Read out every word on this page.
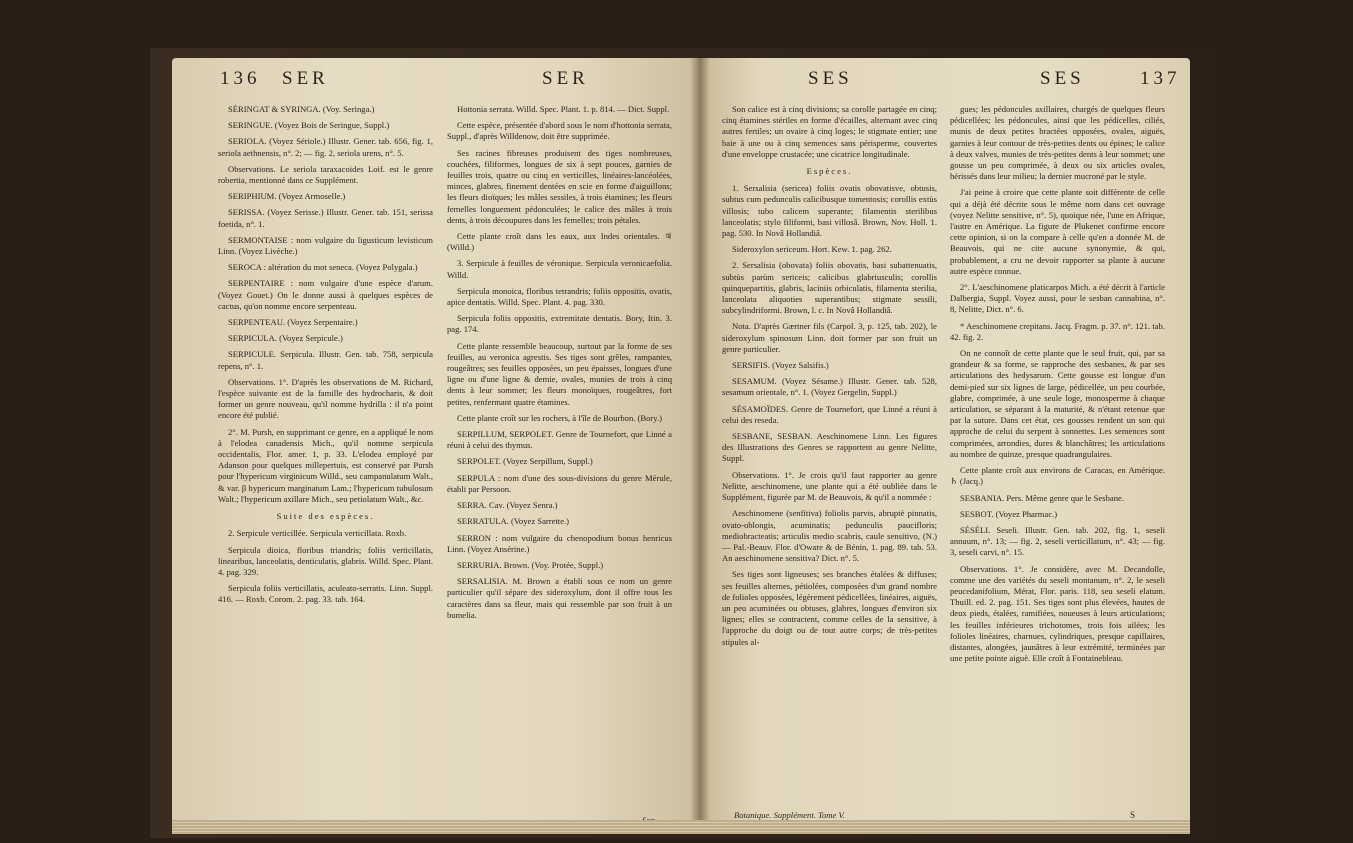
136 SER	SER

SÉRINGAT & SYRINGA. (Voy. Seringa.)

SERINGUE. (Voyez Bois de Seringue, Suppl.)

SERIOLA. (Voyez Sériole.) Illustr. Gener. tab. 656, fig. 1, seriola aethnensis, n°. 2; — fig. 2, seriola urens, n°. 5.

Observations. Le seriola taraxacoides Loif. est le genre robertia, mentionné dans ce Supplément.

SERIPHIUM. (Voyez Armoselle.)

SERISSA. (Voyez Serisse.) Illustr. Gener. tab. 151, serissa foetida, n°. 1.

SERMONTAISE : nom vulgaire du ligusticum levisticum Linn. (Voyez Livèche.)

SEROCA : altération du mot seneca. (Voyez Polygala.)

SERPENTAIRE : nom vulgaire d'une espèce d'arum. (Voyez Gouet.) On le donne aussi à quelques espèces de cactus, qu'on nomme encore serpenteau.

SERPENTEAU. (Voyez Serpentaire.)

SERPICULA. (Voyez Serpicule.)

SERPICULE. Serpicula. Illustr. Gen. tab. 758, serpicula repens, n°. 1.

Observations. 1°. D'après les observations de M. Richard, l'espèce suivante est de la famille des hydrocharis, & doit former un genre nouveau, qu'il nomme hydrilla : il n'a point encore été publié.

2°. M. Pursh, en supprimant ce genre, en a appliqué le nom à l'elodea canadensis Mich., qu'il nomme serpicula occidentalis, Flor. amer. 1, p. 33. L'elodea employé par Adanson pour quelques millepertuis, est conservé par Pursh pour l'hypericum virginicum Willd., seu campanulatum Walt., & var. β hypericum marginatum Lam.; l'hypericum tubulosum Walt.; l'hypericum axillare Mich., seu petiolatum Walt., &c.

Suite des espèces.

2. Serpicule verticillée. Serpicula verticillata. Roxb.

Serpicula dioica, floribus triandris; foliis verticillatis, linearibus, lanceolatis, denticulatis, glabris. Willd. Spec. Plant. 4. pag. 329.

Serpicula foliis verticillatis, aculeato-serratis. Linn. Suppl. 416. — Roxb. Corom. 2. pag. 33. tab. 164.

Hottonia serrata. Willd. Spec. Plant. 1. p. 814. — Dict. Suppl.

Cette espèce, présentée d'abord sous le nom d'hottonia serrata, Suppl., d'après Willdenow, doit être supprimée.

Ses racines fibreuses produisent des tiges nombreuses, couchées, filiformes, longues de six à sept pouces, garnies de feuilles trois, quatre ou cinq en verticilles, linéaires-lancéolées, minces, glabres, finement dentées en scie en forme d'aiguillons; les fleurs dioïques; les mâles sessiles, à trois étamines; les fleurs femelles longuement pédonculées; le calice des mâles à trois dents, à trois découpures dans les femelles; trois pétales.

Cette plante croît dans les eaux, aux Indes orientales. ♃ (Willd.)

3. Serpicule à feuilles de véronique. Serpicula veronicaefolia. Willd.

Serpicula monoica, floribus tetrandris; foliis oppositis, ovatis, apice dentatis. Willd. Spec. Plant. 4. pag. 330.

Serpicula foliis oppositis, extremitate dentatis. Bory, Itin. 3. pag. 174.

Cette plante ressemble beaucoup, surtout par la forme de ses feuilles, au veronica agrestis. Ses tiges sont grêles, rampantes, rougeâtres; ses feuilles opposées, un peu épaisses, longues d'une ligne ou d'une ligne & demie, ovales, munies de trois à cinq dents à leur sommet; les fleurs monoïques, rougeâtres, fort petites, renfermant quatre étamines.

Cette plante croît sur les rochers, à l'île de Bourbon. (Bory.)

SERPILLUM, SERPOLET. Genre de Tournefort, que Linné a réuni à celui des thymus.

SERPOLET. (Voyez Serpillum, Suppl.)

SERPULA : nom d'une des sous-divisions du genre Mérule, établi par Persoon.

SERRA. Cav. (Voyez Senra.)

SERRATULA. (Voyez Sarrette.)

SERRON : nom vulgaire du chenopodium bonus henricus Linn. (Voyez Ansérine.)

SERRURIA. Brown. (Voy. Protée, Suppl.)

SERSALISIA. M. Brown a établi sous ce nom un genre particulier qu'il sépare des sideroxylum, dont il offre tous les caractères dans sa fleur, mais qui ressemble par son fruit à un bumelia.

SES	SES	137

Son calice est à cinq divisions; sa corolle partagée en cinq; cinq étamines stériles en forme d'écailles, alternant avec cinq autres fertiles; un ovaire à cinq loges; le stigmate entier; une baie à une ou à cinq semences sans périsperme, couvertes d'une enveloppe crustacée; une cicatrice longitudinale.

Espèces.

1. Sersalisia (sericea) foliis ovatis obovatisve, obtusis, subtus cum pedunculis calicibusque tomentosis; corollis extùs villosis; tubo calicem superante; filamentis sterilibus lanceolatis; stylo filiformi, basi villosâ. Brown, Nov. Holl. 1. pag. 530. In Novâ Hollandiâ.

Sideroxylon sericeum. Hort. Kew. 1. pag. 262.

2. Sersalisia (obovata) foliis obovatis, basi subattenuatis, subtùs parùm sericeis; calicibus glabriusculis; corollis quinquepartitis, glabris, laciniis orbiculatis, filamenta sterilia, lanceolata aliquoties superantibus; stigmate sessili, subcylindriformi. Brown, l. c. In Novâ Hollandiâ.

Nota. D'après Gærtner fils (Carpol. 3, p. 125, tab. 202), le sideroxylum spinosum Linn. doit former par son fruit un genre particulier.

SERSIFIS. (Voyez Salsifis.)

SESAMUM. (Voyez Sésame.) Illustr. Gener. tab. 528, sesamum orientale, n°. 1. (Voyez Gergelin, Suppl.)

SÉSAMOÏDES. Genre de Tournefort, que Linné a réuni à celui des reseda.

SESBANE, SESBAN. Aeschinomene Linn. Les figures des Illustrations des Genres se rapportent au genre Nelitte, Suppl.

Observations. 1°. Je crois qu'il faut rapporter au genre Nelitte, aeschinomene, une plante qui a été oubliée dans le Supplément, figurée par M. de Beauvois, & qu'il a nommée :

Aeschinomene (senfitiva) foliolis parvis, abruptè pinnatis, ovato-oblongis, acuminatis; pedunculis paucifloris; mediobracteatis; articulis medio scabris, caule sensitivo, (N.) — Pal.-Beauv. Flor. d'Oware & de Bénin, 1. pag. 89. tab. 53. An aeschinomene sensitiva? Dict. n°. 5.

Ses tiges sont ligneuses; ses branches étalées & diffuses; ses feuilles alternes, pétiolées, composées d'un grand nombre de folioles opposées, légèrement pédicellées, linéaires, aiguës, un peu acuminées ou obtuses, glabres, longues d'environ six lignes; elles se contractent, comme celles de la sensitive, à l'approche du doigt ou de tout autre corps; de très-petites stipules al-

gues; les pédoncules axillaires, chargés de quelques fleurs pédicellées; les pédoncules, ainsi que les pédicelles, ciliés, munis de deux petites bractées opposées, ovales, aiguës, garnies à leur contour de très-petites dents ou épines; le calice à deux valves, munies de très-petites dents à leur sommet; une gousse un peu comprimée, à deux ou six articles ovales, hérissés dans leur milieu; la dernier mucroné par le style.

J'ai peine à croire que cette plante soit différente de celle qui a déjà été décrite sous le même nom dans cet ouvrage (voyez Nelitte sensitive, n°. 5), quoique née, l'une en Afrique, l'autre en Amérique. La figure de Plukenet confirme encore cette opinion, si on la compare à celle qu'en a donnée M. de Beauvois, qui ne cite aucune synonymie, & qui, probablement, a cru ne devoir rapporter sa plante à aucune autre espèce connue.

2°. L'aeschinomene platicarpos Mich. a été décrit à l'article Dalbergia, Suppl. Voyez aussi, pour le sesban cannabina, n°. 8, Nelitte, Dict. n°. 6.

* Aeschinomene crepitans. Jacq. Fragm. p. 37. n°. 121. tab. 42. fig. 2.

On ne connoît de cette plante que le seul fruit, qui, par sa grandeur & sa forme, se rapproche des sesbanes, & par ses articulations des hedysarum. Cette gousse est longue d'un demi-pied sur six lignes de large, pédicellée, un peu courbée, glabre, comprimée, à une seule loge, monosperme à chaque articulation, se séparant à la maturité, & n'étant retenue que par la suture. Dans cet état, ces gousses rendent un son qui approche de celui du serpent à sonnettes. Les semences sont comprimées, arrondies, dures & blanchâtres; les articulations au nombre de quinze, presque quadrangulaires.

Cette plante croît aux environs de Caracas, en Amérique. ♄ (Jacq.)

SESBANIA. Pers. Même genre que le Sesbane.

SESBOT. (Voyez Pharmac.)

SÉSÉLI. Seseli. Illustr. Gen. tab. 202, fig. 1, seseli annuum, n°. 13; — fig. 2, seseli verticillatum, n°. 43; — fig. 3, seseli carvi, n°. 15.

Observations. 1°. Je considère, avec M. Decandolle, comme une des variétés du seseli montanum, n°. 2, le seseli peucedanifolium, Mérat, Flor. paris. 118, seu seseli elatum. Thuill. ed. 2. pag. 151. Ses tiges sont plus élevées, hautes de deux pieds, étalées, ramifiées, noueuses à leurs articulations; les feuilles inférieures trichotomes, trois fois ailées; les folioles linéaires, charnues, cylindriques, presque capillaires, distantes, alongées, jaunâtres à leur extrémité, terminées par une petite pointe aiguë. Elle croît à Fontainebleau.

Botanique. Supplément. Tome V.	S
